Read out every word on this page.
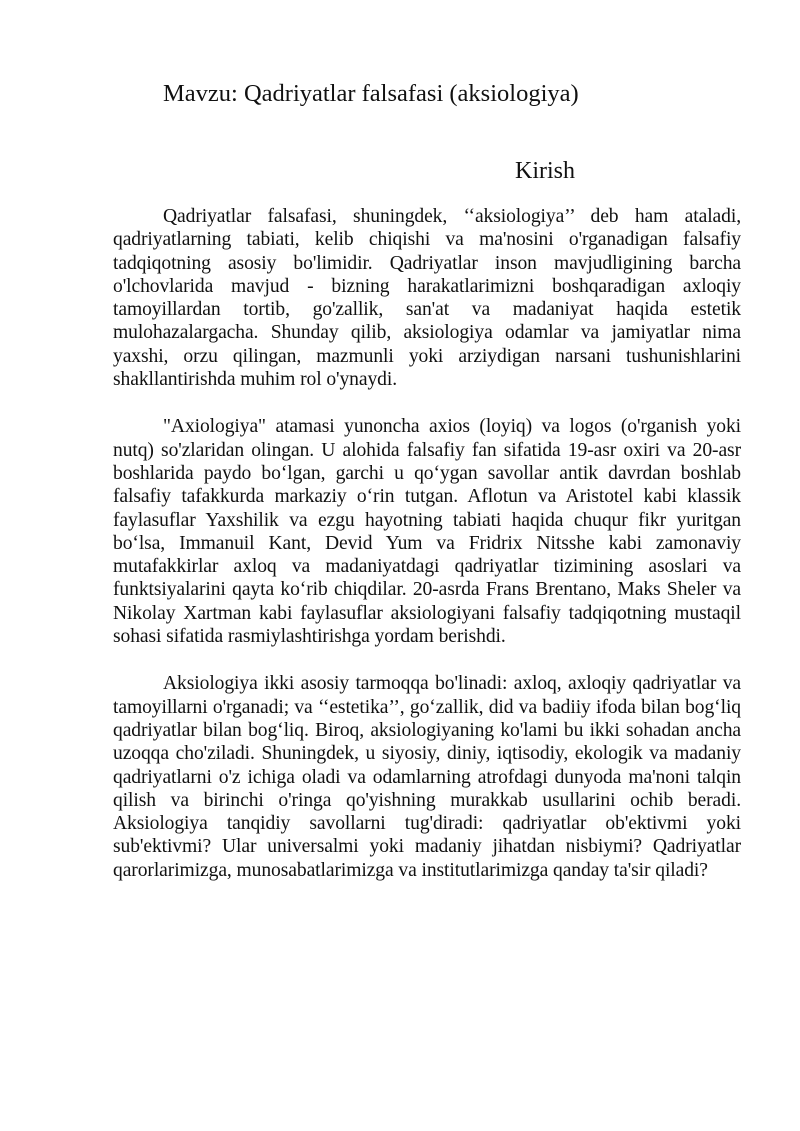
Mavzu: Qadriyatlar falsafasi (aksiologiya)
Kirish

Qadriyatlar falsafasi, shuningdek, ‘‘aksiologiya’’ deb ham ataladi, qadriyatlarning tabiati, kelib chiqishi va ma'nosini o'rganadigan falsafiy tadqiqotning asosiy bo'limidir. Qadriyatlar inson mavjudligining barcha o'lchovlarida mavjud - bizning harakatlarimizni boshqaradigan axloqiy tamoyillardan tortib, go'zallik, san'at va madaniyat haqida estetik mulohazalargacha. Shunday qilib, aksiologiya odamlar va jamiyatlar nima yaxshi, orzu qilingan, mazmunli yoki arziydigan narsani tushunishlarini shakllantirishda muhim rol o'ynaydi.

"Axiologiya" atamasi yunoncha axios (loyiq) va logos (o'rganish yoki nutq) so'zlaridan olingan. U alohida falsafiy fan sifatida 19-asr oxiri va 20-asr boshlarida paydo bo‘lgan, garchi u qo‘ygan savollar antik davrdan boshlab falsafiy tafakkurda markaziy o‘rin tutgan. Aflotun va Aristotel kabi klassik faylasuflar Yaxshilik va ezgu hayotning tabiati haqida chuqur fikr yuritgan bo‘lsa, Immanuil Kant, Devid Yum va Fridrix Nitsshe kabi zamonaviy mutafakkirlar axloq va madaniyatdagi qadriyatlar tizimining asoslari va funktsiyalarini qayta ko‘rib chiqdilar. 20-asrda Frans Brentano, Maks Sheler va Nikolay Xartman kabi faylasuflar aksiologiyani falsafiy tadqiqotning mustaqil sohasi sifatida rasmiylashtirishga yordam berishdi.

Aksiologiya ikki asosiy tarmoqqa bo'linadi: axloq, axloqiy qadriyatlar va tamoyillarni o'rganadi; va ‘‘estetika’’, go‘zallik, did va badiiy ifoda bilan bog‘liq qadriyatlar bilan bog‘liq. Biroq, aksiologiyaning ko'lami bu ikki sohadan ancha uzoqqa cho'ziladi. Shuningdek, u siyosiy, diniy, iqtisodiy, ekologik va madaniy qadriyatlarni o'z ichiga oladi va odamlarning atrofdagi dunyoda ma'noni talqin qilish va birinchi o'ringa qo'yishning murakkab usullarini ochib beradi. Aksiologiya tanqidiy savollarni tug'diradi: qadriyatlar ob'ektivmi yoki sub'ektivmi? Ular universalmi yoki madaniy jihatdan nisbiymi? Qadriyatlar qarorlarimizga, munosabatlarimizga va institutlarimizga qanday ta'sir qiladi?
